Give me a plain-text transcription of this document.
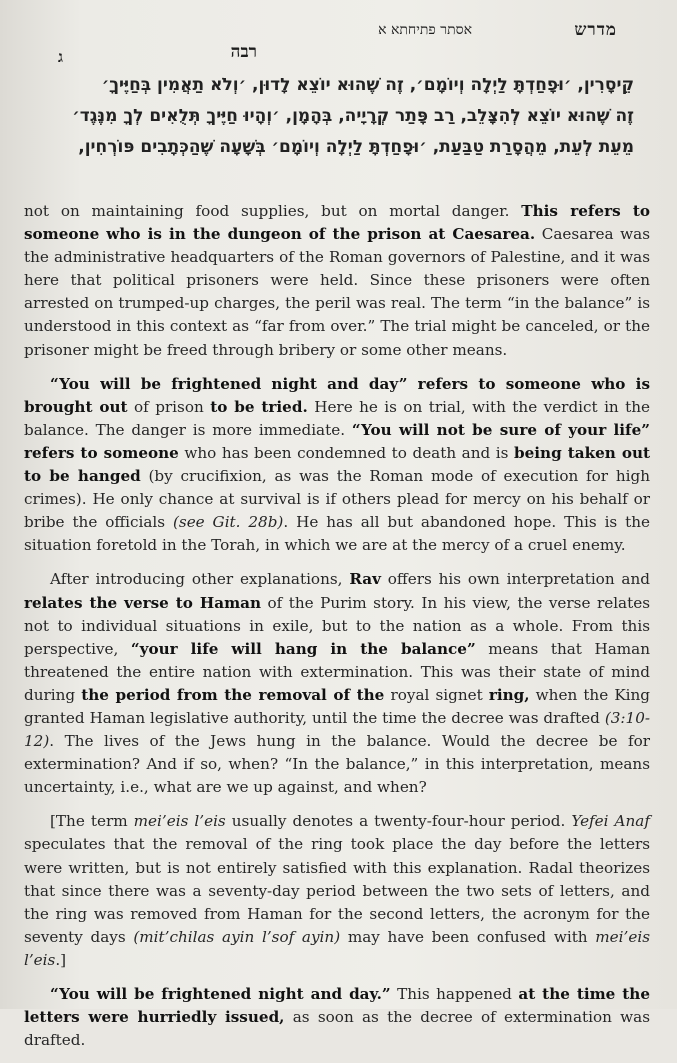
מדרש
אסתר פתיחתא א
רבה
ג

קֵיסָרִין, ׳וּפָחַדְתָּ לַיְלָה וְיוֹמָם׳, זֶה שֶׁהוּא יוֹצֵא לָדוּן, ׳וְלֹא תַאֲמִין בְּחַיֶּיךָ׳

זֶה שֶׁהוּא יוֹצֵא לְהִצָּלֵב, רַב פָּתַר קְרָיָיה, בְּהָמָן, ׳וְהָיוּ חַיֶּיךָ תְּלֻאִים לְךָ מִנֶּגֶד׳

מֵעֵת לְעֵת, מֵהֲסָרַת טַבַּעַת, ׳וּפָחַדְתָּ לַיְלָה וְיוֹמָם׳ בְּשָׁעָה שֶׁהַכְּתָבִים פּוֹרְחִין,

not on maintaining food supplies, but on mortal danger. This refers to someone who is in the dungeon of the prison at Caesarea. Caesarea was the administrative headquarters of the Roman governors of Palestine, and it was here that political prisoners were held. Since these prisoners were often arrested on trumped-up charges, the peril was real. The term “in the balance” is understood in this context as “far from over.” The trial might be canceled, or the prisoner might be freed through bribery or some other means.

“You will be frightened night and day” refers to someone who is brought out of prison to be tried. Here he is on trial, with the verdict in the balance. The danger is more immediate. “You will not be sure of your life” refers to someone who has been condemned to death and is being taken out to be hanged (by crucifixion, as was the Roman mode of execution for high crimes). He only chance at survival is if others plead for mercy on his behalf or bribe the officials (see Git. 28b). He has all but abandoned hope. This is the situation foretold in the Torah, in which we are at the mercy of a cruel enemy.

After introducing other explanations, Rav offers his own interpretation and relates the verse to Haman of the Purim story. In his view, the verse relates not to individual situations in exile, but to the nation as a whole. From this perspective, “your life will hang in the balance” means that Haman threatened the entire nation with extermination. This was their state of mind during the period from the removal of the royal signet ring, when the King granted Haman legislative authority, until the time the decree was drafted (3:10-12). The lives of the Jews hung in the balance. Would the decree be for extermination? And if so, when? “In the balance,” in this interpretation, means uncertainty, i.e., what are we up against, and when?

[The term mei’eis l’eis usually denotes a twenty-four-hour period. Yefei Anaf speculates that the removal of the ring took place the day before the letters were written, but is not entirely satisfied with this explanation. Radal theorizes that since there was a seventy-day period between the two sets of letters, and the ring was removed from Haman for the second letters, the acronym for the seventy days (mit’chilas ayin l’sof ayin) may have been confused with mei’eis l’eis.]

“You will be frightened night and day.” This happened at the time the letters were hurriedly issued, as soon as the decree of extermination was drafted.
